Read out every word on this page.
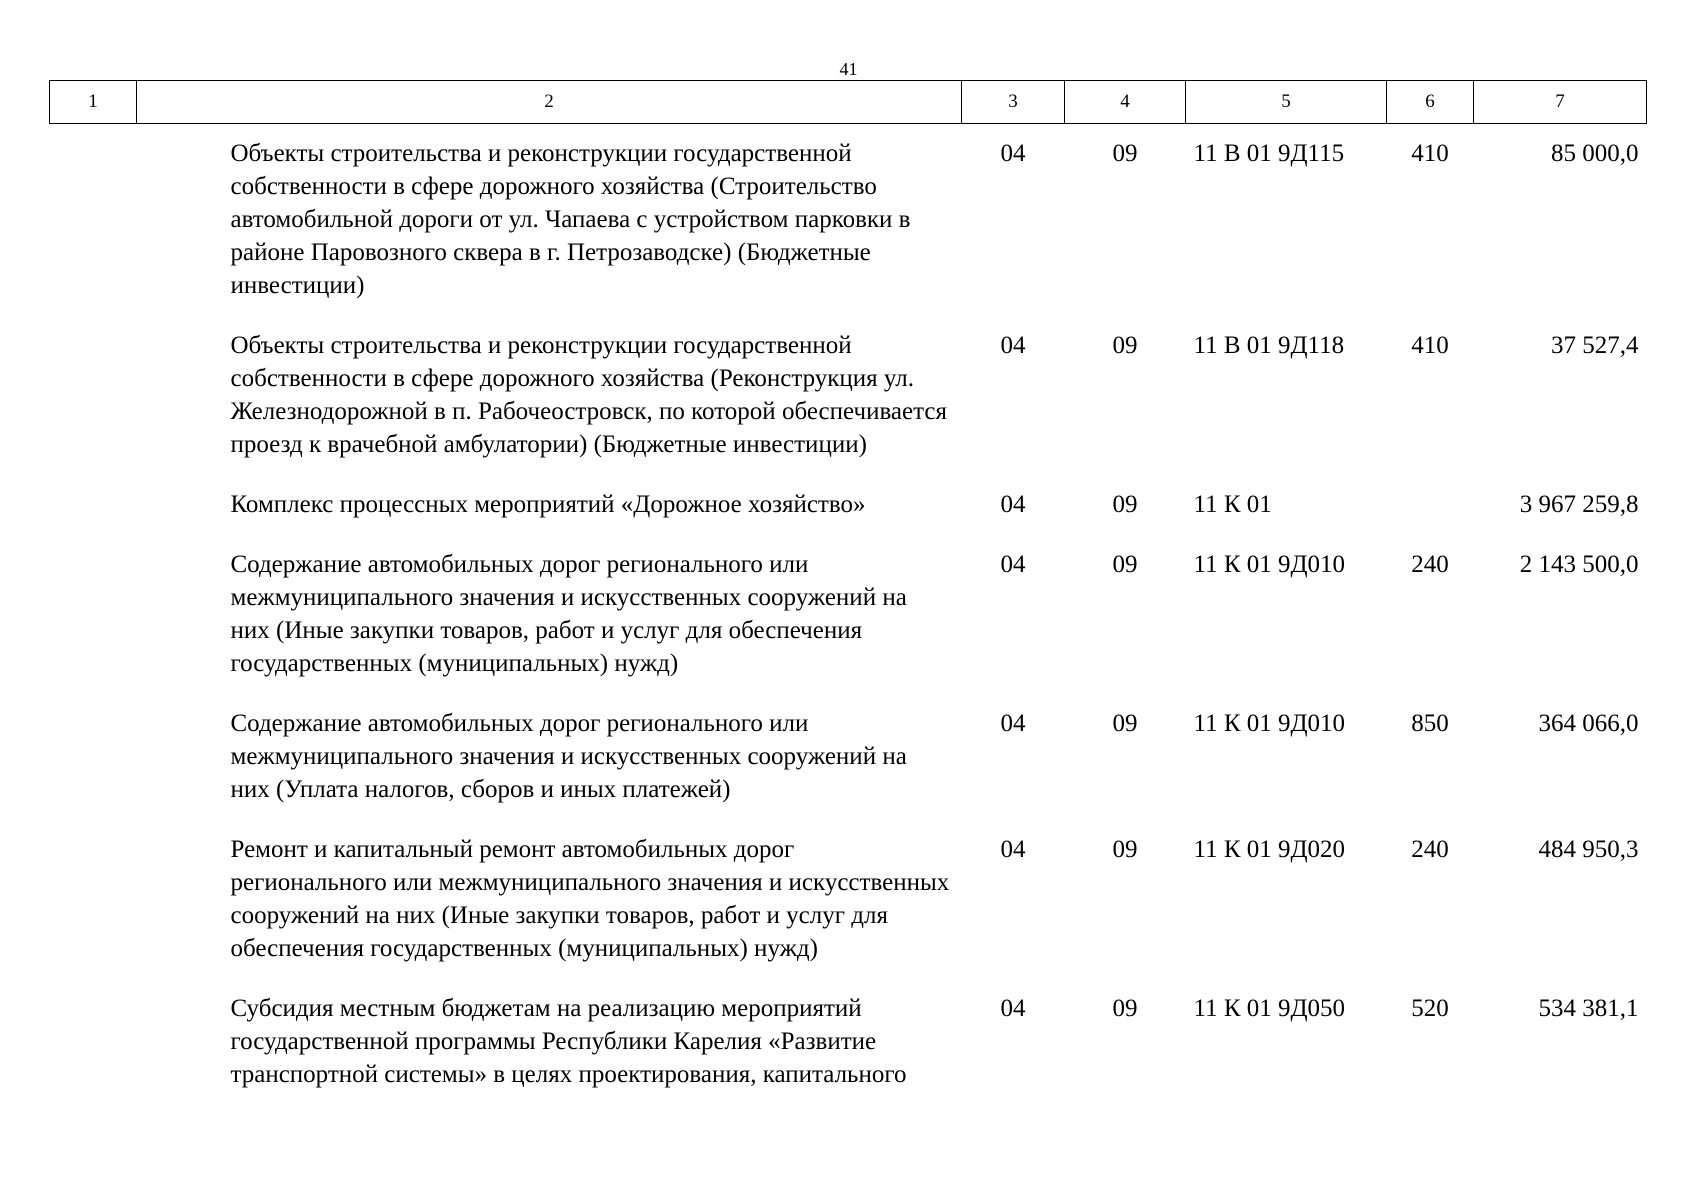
41
1	2	3	4	5	6	7
	Объекты строительства и реконструкции государственной собственности в сфере дорожного хозяйства (Строительство автомобильной дороги от ул. Чапаева с устройством парковки в районе Паровозного сквера в г. Петрозаводске) (Бюджетные инвестиции)	04	09	11 В 01 9Д115	410	85 000,0
	Объекты строительства и реконструкции государственной собственности в сфере дорожного хозяйства (Реконструкция ул. Железнодорожной в п. Рабочеостровск, по которой обеспечивается проезд к врачебной амбулатории) (Бюджетные инвестиции)	04	09	11 В 01 9Д118	410	37 527,4
	Комплекс процессных мероприятий «Дорожное хозяйство»	04	09	11 К 01		3 967 259,8
	Содержание автомобильных дорог регионального или межмуниципального значения и искусственных сооружений на них (Иные закупки товаров, работ и услуг для обеспечения государственных (муниципальных) нужд)	04	09	11 К 01 9Д010	240	2 143 500,0
	Содержание автомобильных дорог регионального или межмуниципального значения и искусственных сооружений на них (Уплата налогов, сборов и иных платежей)	04	09	11 К 01 9Д010	850	364 066,0
	Ремонт и капитальный ремонт автомобильных дорог регионального или межмуниципального значения и искусственных сооружений на них (Иные закупки товаров, работ и услуг для обеспечения государственных (муниципальных) нужд)	04	09	11 К 01 9Д020	240	484 950,3
	Субсидия местным бюджетам на реализацию мероприятий государственной программы Республики Карелия «Развитие транспортной системы» в целях проектирования, капитального	04	09	11 К 01 9Д050	520	534 381,1
